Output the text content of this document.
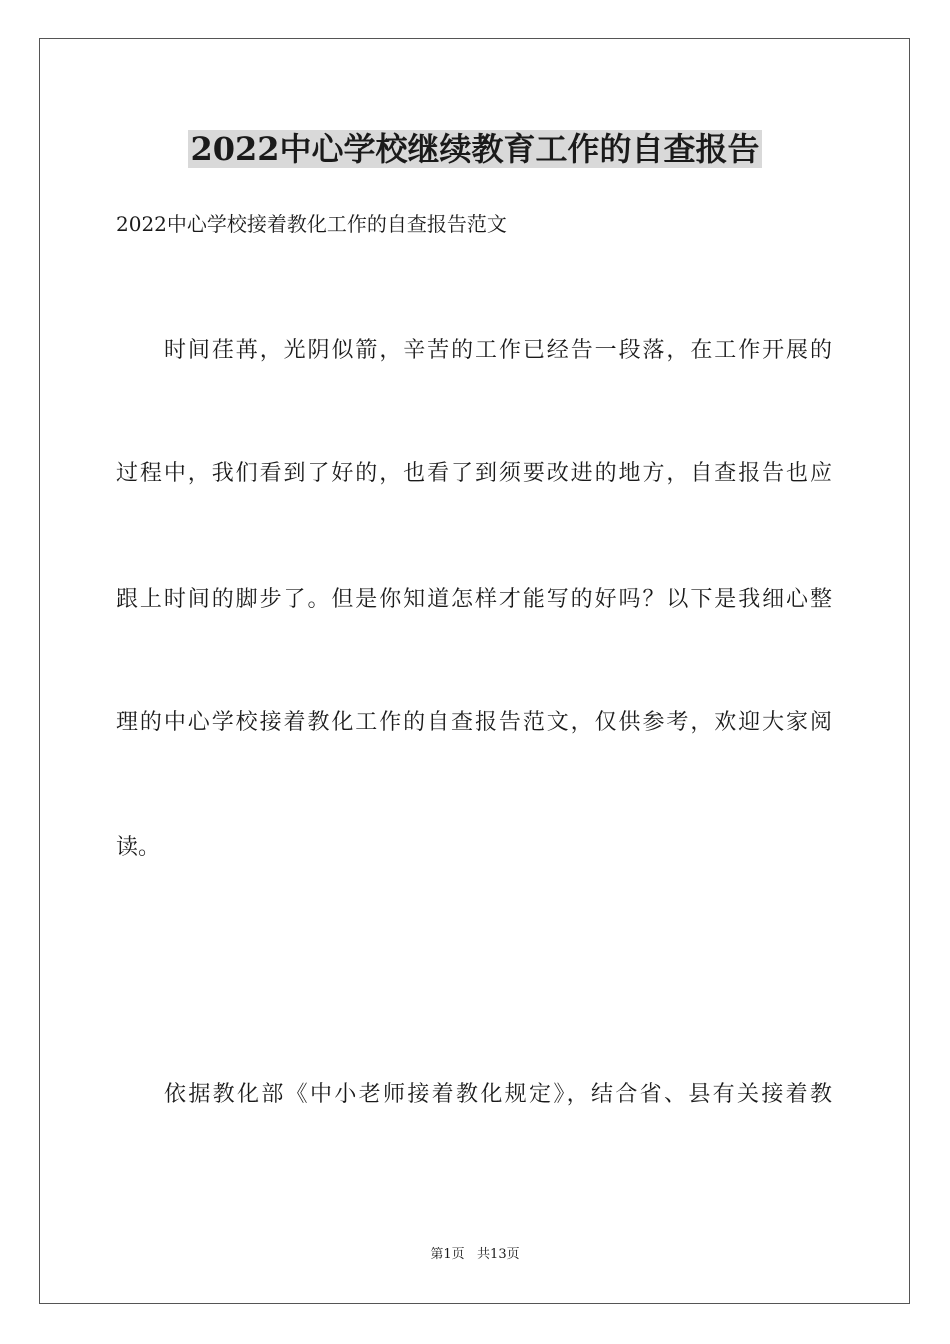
2022中心学校继续教育工作的自查报告
2022中心学校接着教化工作的自查报告范文
时间荏苒，光阴似箭，辛苦的工作已经告一段落，在工作开展的
过程中，我们看到了好的，也看了到须要改进的地方，自查报告也应
跟上时间的脚步了。但是你知道怎样才能写的好吗？以下是我细心整
理的中心学校接着教化工作的自查报告范文，仅供参考，欢迎大家阅
读。
依据教化部《中小老师接着教化规定》，结合省、县有关接着教
第1页   共13页
